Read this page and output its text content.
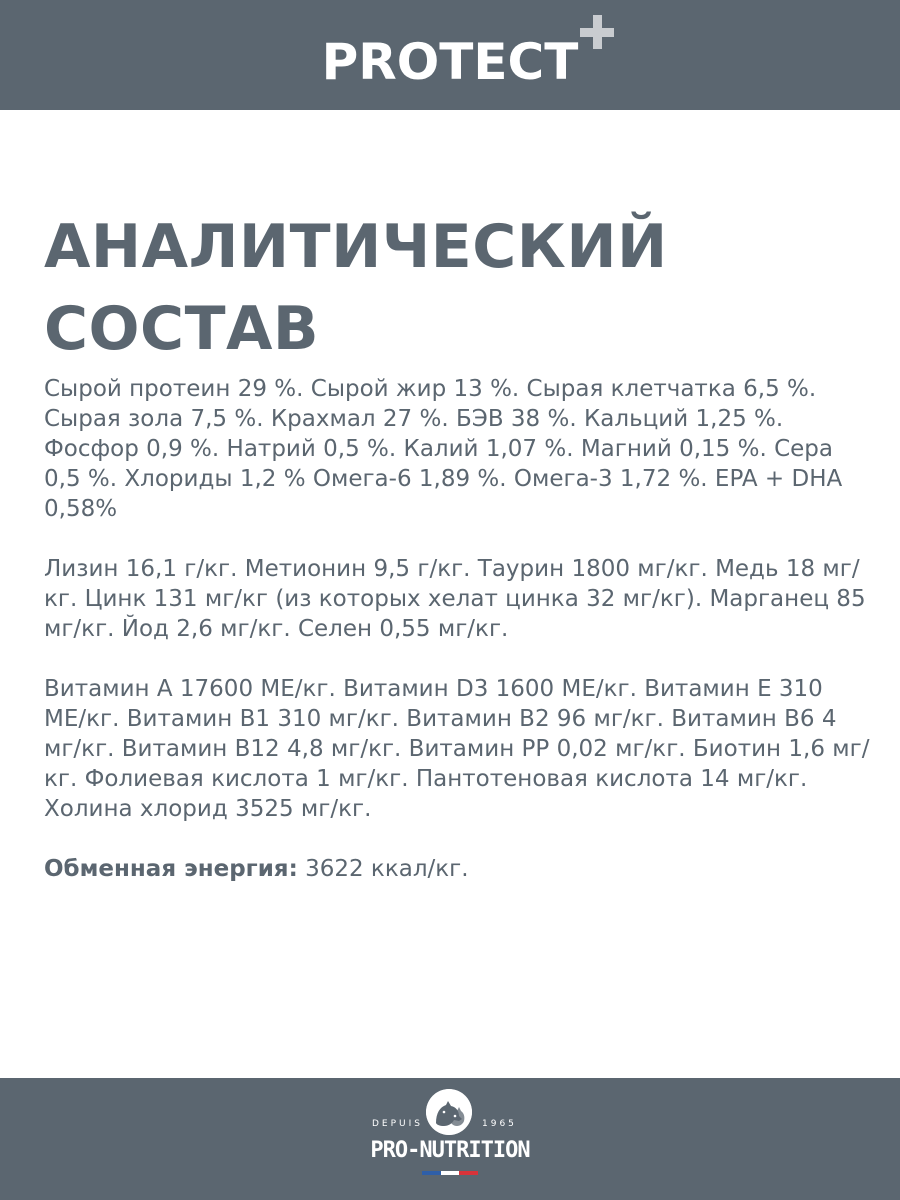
PROTECT
АНАЛИТИЧЕСКИЙ
СОСТАВ

Сырой протеин 29 %. Сырой жир 13 %. Сырая клетчатка 6,5 %. Сырая зола 7,5 %. Крахмал 27 %. БЭВ 38 %. Кальций 1,25 %. Фосфор 0,9 %. Натрий 0,5 %. Калий 1,07 %. Магний 0,15 %. Сера 0,5 %. Хлориды 1,2 % Омега-6 1,89 %. Омега-3 1,72 %. EPA + DHA 0,58%

Лизин 16,1 г/кг. Метионин 9,5 г/кг. Таурин 1800 мг/кг. Медь 18 мг/кг. Цинк 131 мг/кг (из которых хелат цинка 32 мг/кг). Марганец 85 мг/кг. Йод 2,6 мг/кг. Селен 0,55 мг/кг.

Витамин A 17600 МЕ/кг. Витамин D3 1600 МЕ/кг. Витамин E 310 МЕ/кг. Витамин B1 310 мг/кг. Витамин B2 96 мг/кг. Витамин B6 4 мг/кг. Витамин B12 4,8 мг/кг. Витамин PP 0,02 мг/кг. Биотин 1,6 мг/кг. Фолиевая кислота 1 мг/кг. Пантотеновая кислота 14 мг/кг. Холина хлорид 3525 мг/кг.

Обменная энергия: 3622 ккал/кг.

DEPUIS	1965
PRO-NUTRITION
